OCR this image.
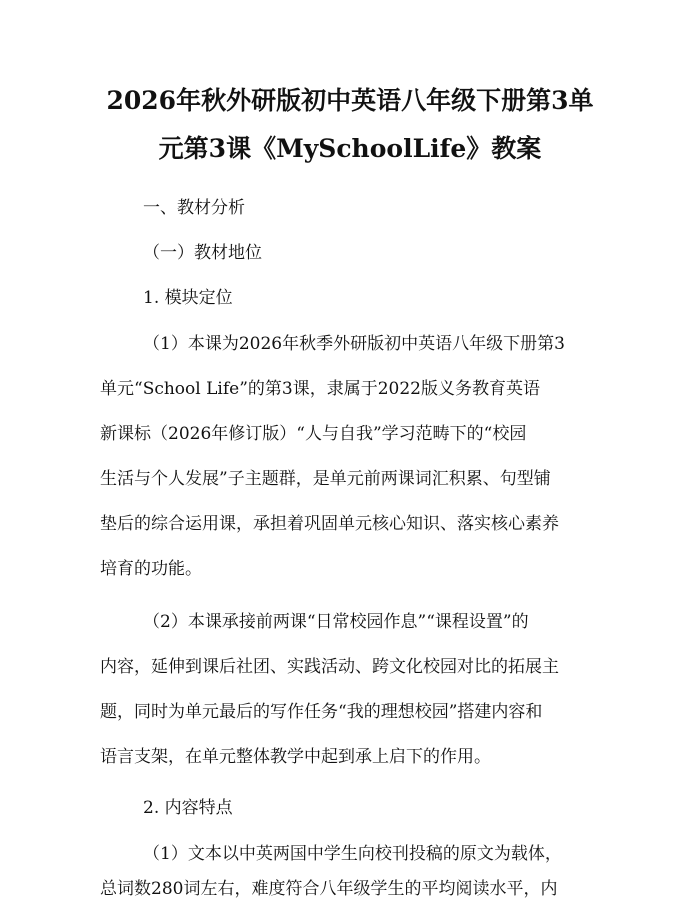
2026年秋外研版初中英语八年级下册第3单
元第3课《MySchoolLife》教案
一、教材分析
（一）教材地位
1. 模块定位
（1）本课为2026年秋季外研版初中英语八年级下册第3
单元“School Life”的第3课，隶属于2022版义务教育英语
新课标（2026年修订版）“人与自我”学习范畴下的“校园
生活与个人发展”子主题群，是单元前两课词汇积累、句型铺
垫后的综合运用课，承担着巩固单元核心知识、落实核心素养
培育的功能。
（2）本课承接前两课“日常校园作息”“课程设置”的
内容，延伸到课后社团、实践活动、跨文化校园对比的拓展主
题，同时为单元最后的写作任务“我的理想校园”搭建内容和
语言支架，在单元整体教学中起到承上启下的作用。
2. 内容特点
（1）文本以中英两国中学生向校刊投稿的原文为载体，
总词数280词左右，难度符合八年级学生的平均阅读水平，内
